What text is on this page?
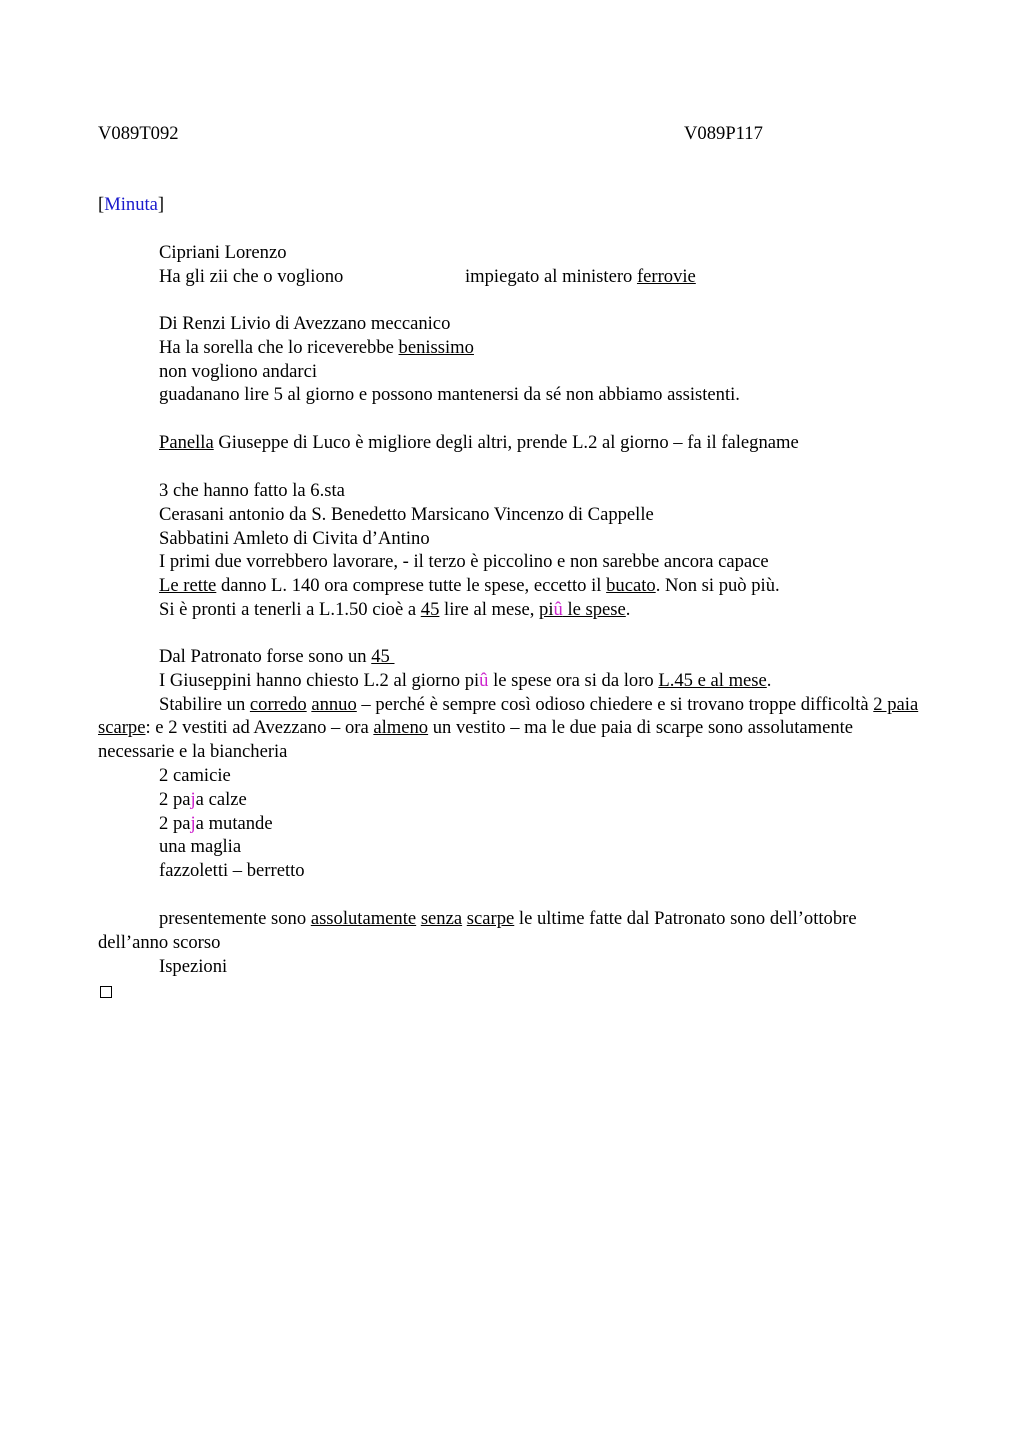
V089T092	V089P117
[Minuta]
Cipriani Lorenzo
Ha gli zii che o vogliono	impiegato al ministero ferrovie
Di Renzi Livio di Avezzano meccanico
Ha la sorella che lo riceverebbe benissimo
non vogliono andarci
guadanano lire 5 al giorno e possono mantenersi da sé non abbiamo assistenti.
Panella Giuseppe di Luco è migliore degli altri, prende L.2 al giorno – fa il falegname
3 che hanno fatto la 6.sta
Cerasani antonio da S. Benedetto Marsicano Vincenzo di Cappelle
Sabbatini Amleto di Civita d’Antino
I primi due vorrebbero lavorare, - il terzo è piccolino e non sarebbe ancora capace
Le rette danno L. 140 ora comprese tutte le spese, eccetto il bucato. Non si può più.
Si è pronti a tenerli a L.1.50 cioè a 45 lire al mese, piû le spese.
Dal Patronato forse sono un 45
I Giuseppini hanno chiesto L.2 al giorno piû le spese ora si da loro L.45 e al mese.
Stabilire un corredo annuo – perché è sempre così odioso chiedere e si trovano troppe difficoltà 2 paia scarpe: e 2 vestiti ad Avezzano – ora almeno un vestito – ma le due paia di scarpe sono assolutamente necessarie e la biancheria
2 camicie
2 paja calze
2 paja mutande
una maglia
fazzoletti – berretto
presentemente sono assolutamente senza scarpe le ultime fatte dal Patronato sono dell’ottobre dell’anno scorso
Ispezioni
